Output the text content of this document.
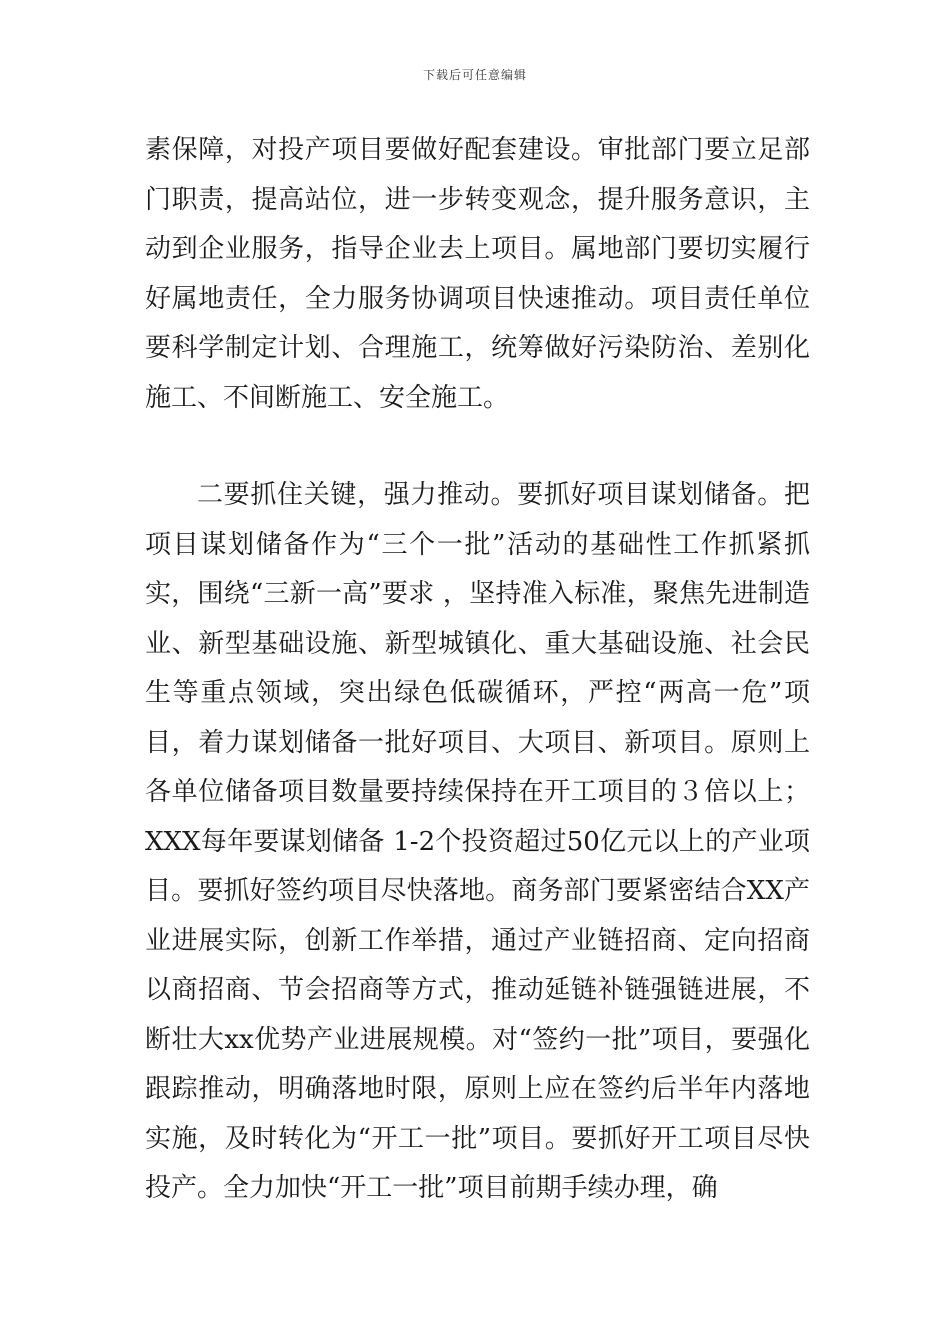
下载后可任意编辑

素保障，对投产项目要做好配套建设。审批部门要立足部门职责，提高站位，进一步转变观念，提升服务意识，主动到企业服务，指导企业去上项目。属地部门要切实履行好属地责任，全力服务协调项目快速推动。项目责任单位要科学制定计划、合理施工，统筹做好污染防治、差别化施工、不间断施工、安全施工。

二要抓住关键，强力推动。要抓好项目谋划储备。把项目谋划储备作为“三个一批”活动的基础性工作抓紧抓实，围绕“三新一高”要求 ，坚持准入标准，聚焦先进制造业、新型基础设施、新型城镇化、重大基础设施、社会民生等重点领域，突出绿色低碳循环，严控“两高一危”项目，着力谋划储备一批好项目、大项目、新项目。原则上各单位储备项目数量要持续保持在开工项目的３倍以上；XXX每年要谋划储备 1-2个投资超过50亿元以上的产业项目。要抓好签约项目尽快落地。商务部门要紧密结合XX产业进展实际，创新工作举措，通过产业链招商、定向招商以商招商、节会招商等方式，推动延链补链强链进展，不断壮大xx优势产业进展规模。对“签约一批”项目，要强化跟踪推动，明确落地时限，原则上应在签约后半年内落地实施，及时转化为“开工一批”项目。要抓好开工项目尽快投产。全力加快“开工一批”项目前期手续办理，确
